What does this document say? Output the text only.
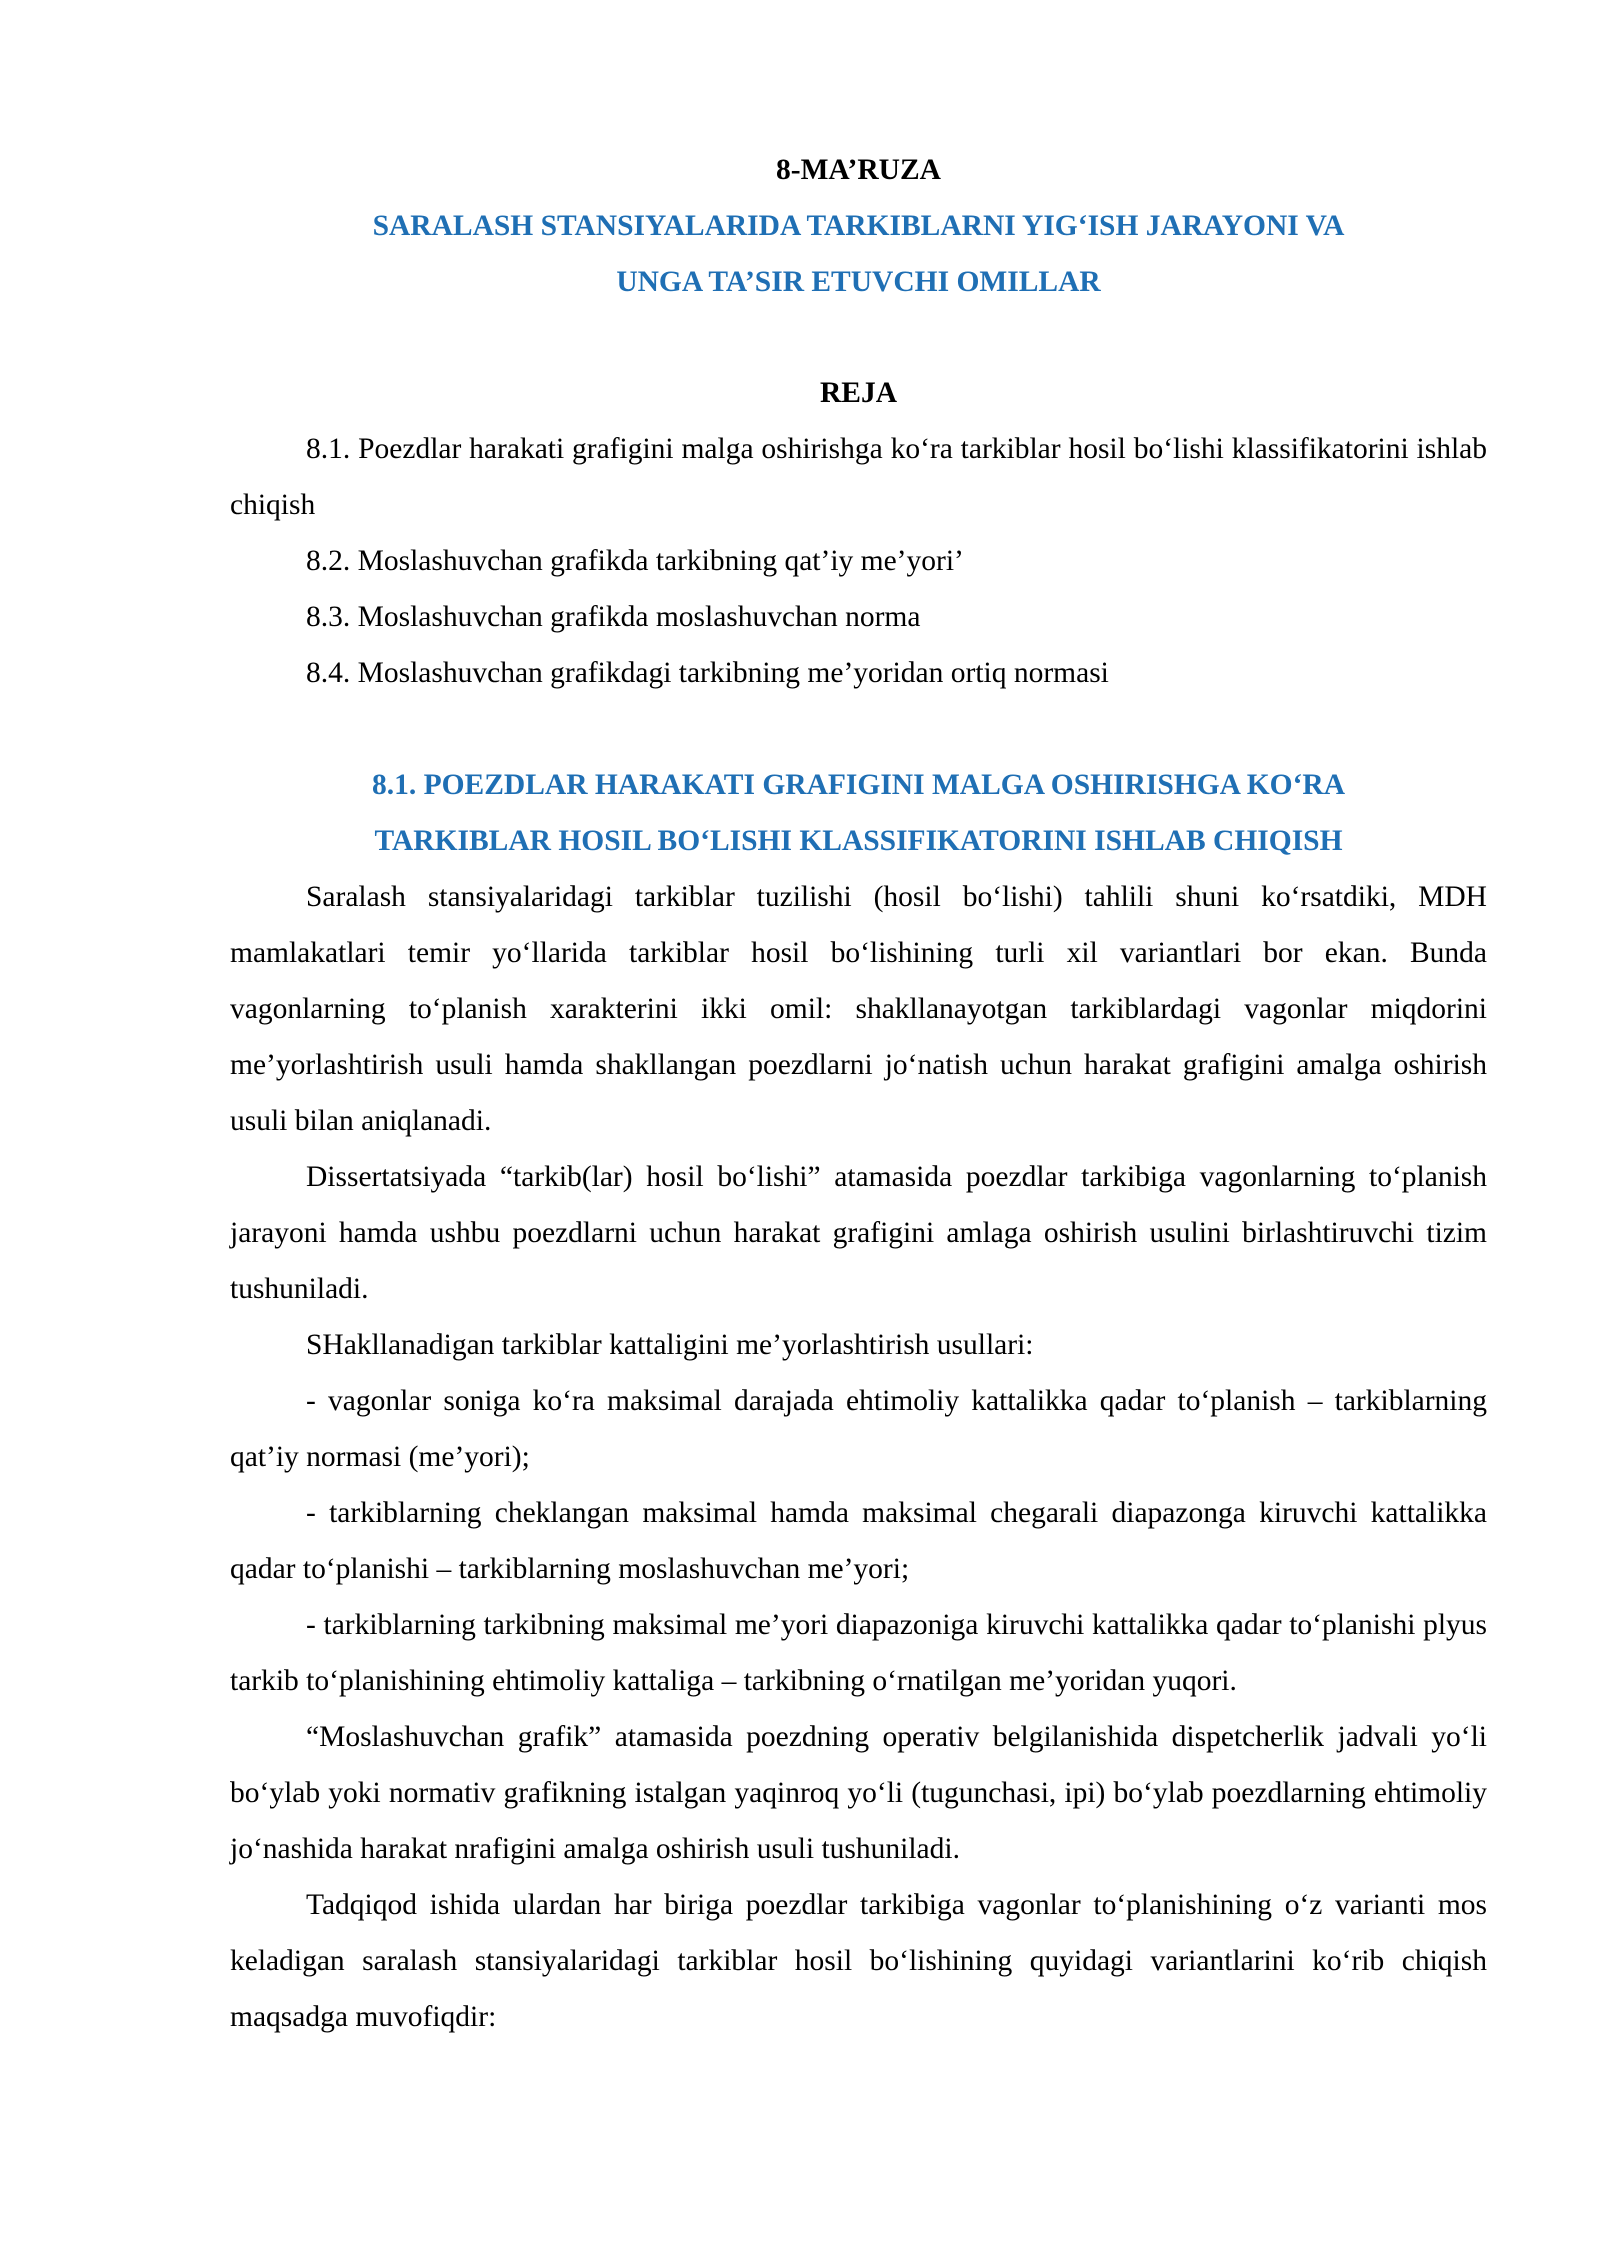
8-MA’RUZA
SARALASH STANSIYALARIDA TARKIBLARNI YIG‘ISH JARAYONI VA
UNGA TA’SIR ETUVCHI OMILLAR
REJA

8.1. Poezdlar harakati grafigini malga oshirishga ko‘ra tarkiblar hosil bo‘lishi klassifikatorini ishlab chiqish

8.2. Moslashuvchan grafikda tarkibning qat’iy me’yori’

8.3. Moslashuvchan grafikda moslashuvchan norma

8.4. Moslashuvchan grafikdagi tarkibning me’yoridan ortiq normasi

8.1. POEZDLAR HARAKATI GRAFIGINI MALGA OSHIRISHGA KO‘RA
TARKIBLAR HOSIL BO‘LISHI KLASSIFIKATORINI ISHLAB CHIQISH

Saralash stansiyalaridagi tarkiblar tuzilishi (hosil bo‘lishi) tahlili shuni ko‘rsatdiki, MDH mamlakatlari temir yo‘llarida tarkiblar hosil bo‘lishining turli xil variantlari bor ekan. Bunda vagonlarning to‘planish xarakterini ikki omil: shakllanayotgan tarkiblardagi vagonlar miqdorini me’yorlashtirish usuli hamda shakllangan poezdlarni jo‘natish uchun harakat grafigini amalga oshirish usuli bilan aniqlanadi.

Dissertatsiyada “tarkib(lar) hosil bo‘lishi” atamasida poezdlar tarkibiga vagonlarning to‘planish jarayoni hamda ushbu poezdlarni uchun harakat grafigini amlaga oshirish usulini birlashtiruvchi tizim tushuniladi.

SHakllanadigan tarkiblar kattaligini me’yorlashtirish usullari:

- vagonlar soniga ko‘ra maksimal darajada ehtimoliy kattalikka qadar to‘planish – tarkiblarning qat’iy normasi (me’yori);

- tarkiblarning cheklangan maksimal hamda maksimal chegarali diapazonga kiruvchi kattalikka qadar to‘planishi – tarkiblarning moslashuvchan me’yori;

- tarkiblarning tarkibning maksimal me’yori diapazoniga kiruvchi kattalikka qadar to‘planishi plyus tarkib to‘planishining ehtimoliy kattaliga – tarkibning o‘rnatilgan me’yoridan yuqori.

“Moslashuvchan grafik” atamasida poezdning operativ belgilanishida dispetcherlik jadvali yo‘li bo‘ylab yoki normativ grafikning istalgan yaqinroq yo‘li (tugunchasi, ipi) bo‘ylab poezdlarning ehtimoliy jo‘nashida harakat nrafigini amalga oshirish usuli tushuniladi.

Tadqiqod ishida ulardan har biriga poezdlar tarkibiga vagonlar to‘planishining o‘z varianti mos keladigan saralash stansiyalaridagi tarkiblar hosil bo‘lishining quyidagi variantlarini ko‘rib chiqish maqsadga muvofiqdir:
